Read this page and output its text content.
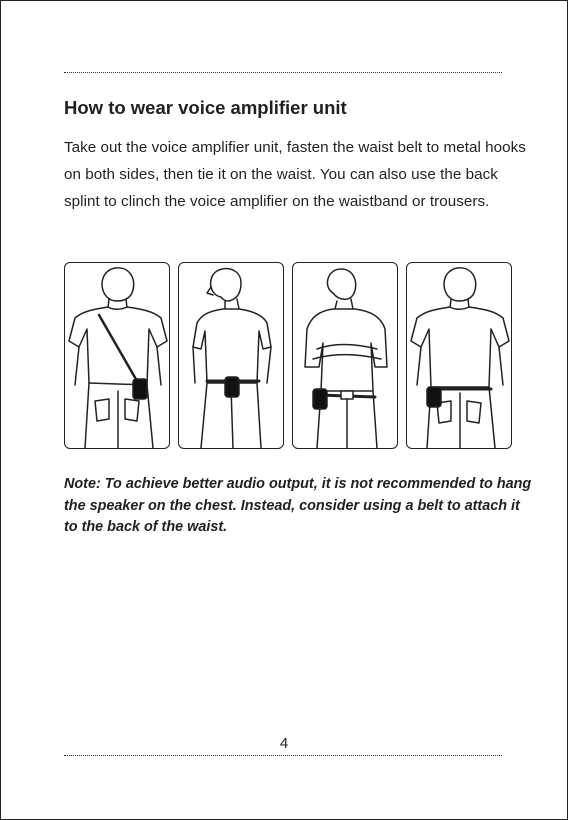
How to wear voice amplifier unit

Take out the voice amplifier unit, fasten the waist belt to metal hooks on both sides, then tie it on the waist. You can also use the back splint to clinch the voice amplifier on the waistband or trousers.

Note: To achieve better audio output, it is not recommended to hang the speaker on the chest. Instead, consider using a belt to attach it to the back of the waist.

4
